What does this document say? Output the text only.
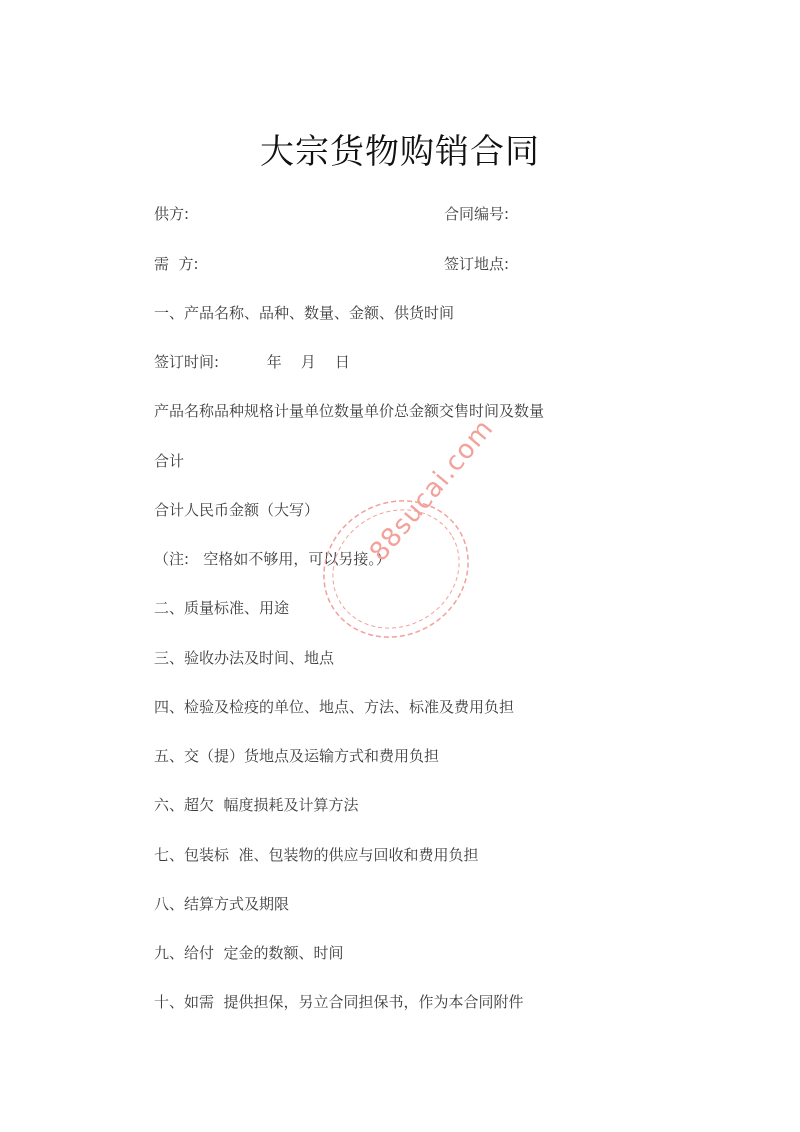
大宗货物购销合同
供方:	合同编号:
需  方:	签订地点:
一、产品名称、品种、数量、金额、供货时间
签订时间:          年    月    日
产品名称品种规格计量单位数量单价总金额交售时间及数量
合计
合计人民币金额（大写）
（注:   空格如不够用，可以另接。）
二、质量标准、用途
三、验收办法及时间、地点
四、检验及检疫的单位、地点、方法、标准及费用负担
五、交（提）货地点及运输方式和费用负担
六、超欠  幅度损耗及计算方法
七、包装标  准、包装物的供应与回收和费用负担
八、结算方式及期限
九、给付  定金的数额、时间
十、如需  提供担保，另立合同担保书，作为本合同附件
88sucai.com
